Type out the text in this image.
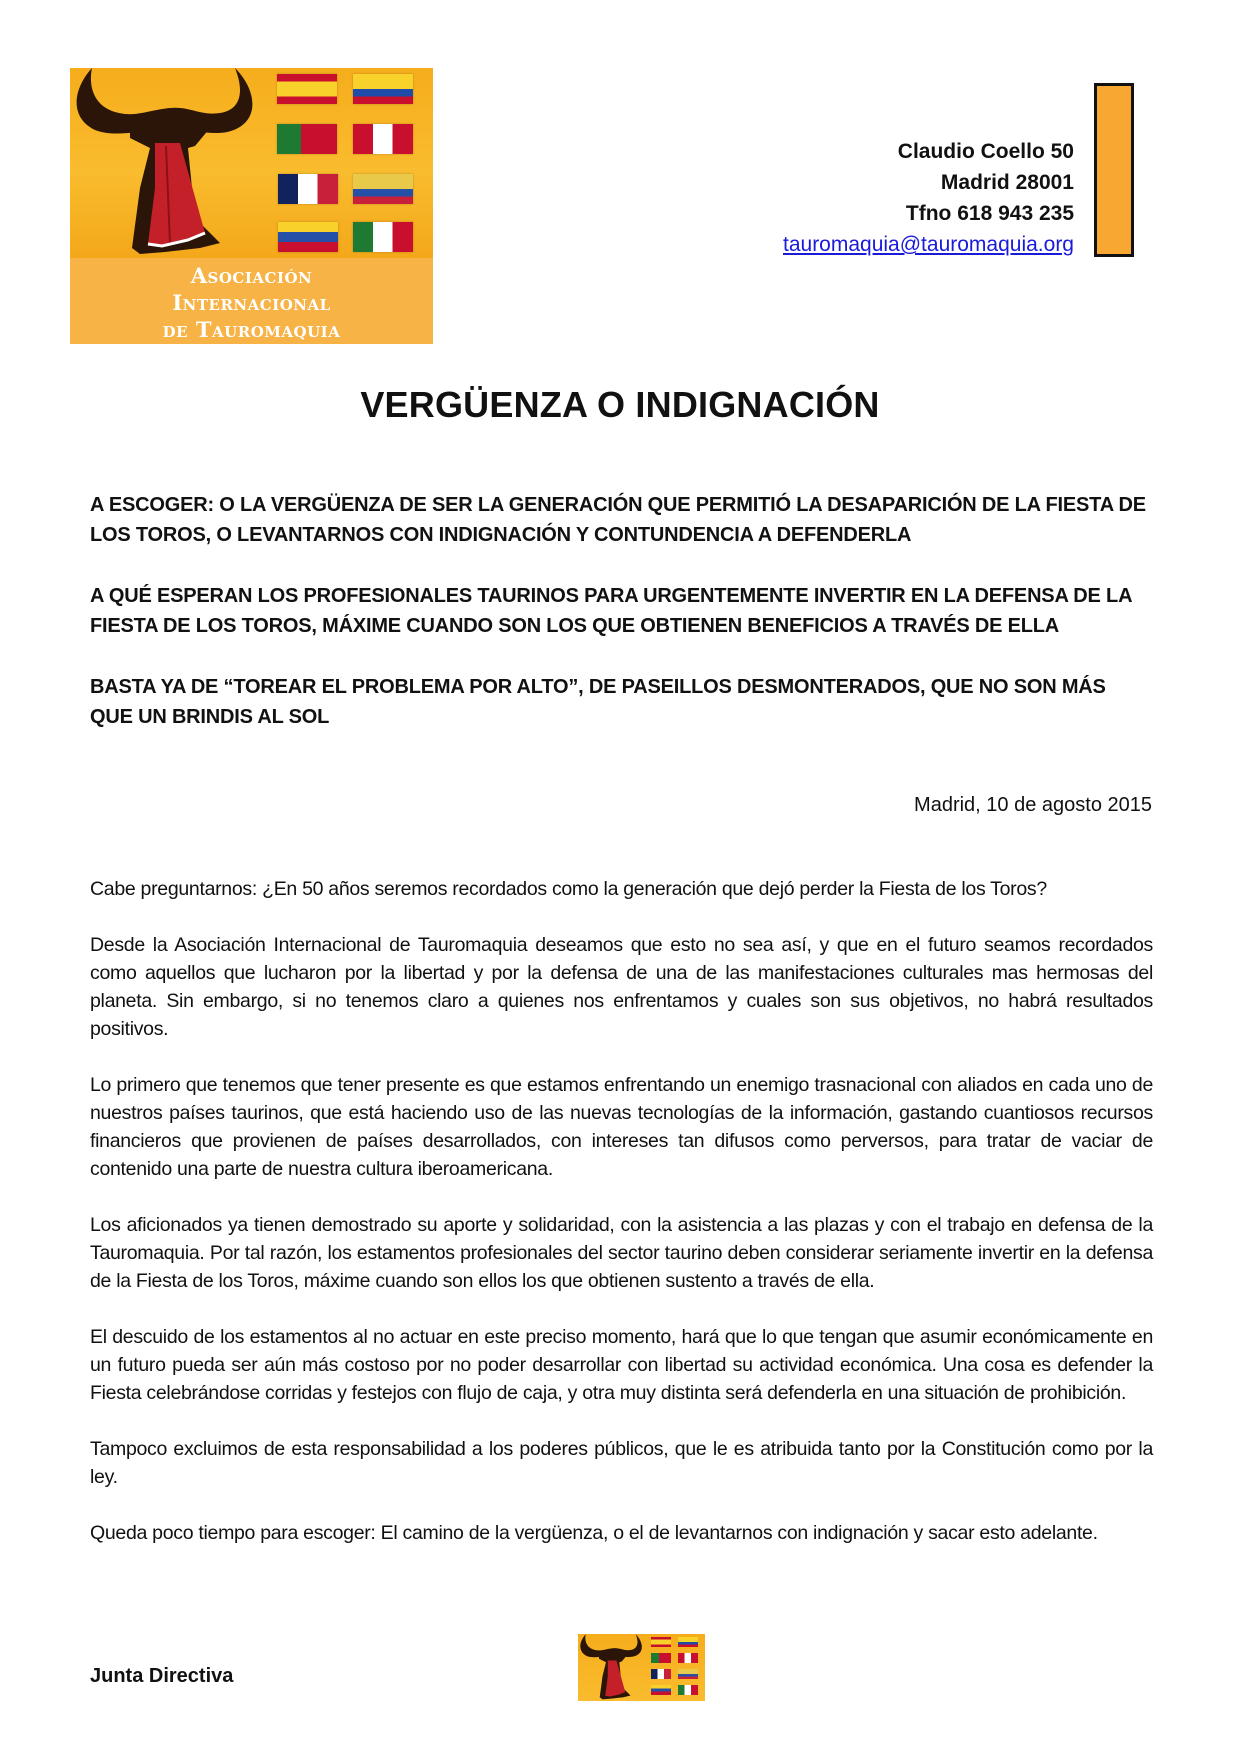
Asociación
Internacional
de Tauromaquia
Claudio Coello 50
Madrid 28001
Tfno 618 943 235
tauromaquia@tauromaquia.org
VERGÜENZA O INDIGNACIÓN

A ESCOGER: O LA VERGÜENZA DE SER LA GENERACIÓN QUE PERMITIÓ LA DESAPARICIÓN DE LA FIESTA DE LOS TOROS, O LEVANTARNOS CON INDIGNACIÓN Y CONTUNDENCIA A DEFENDERLA

A QUÉ ESPERAN LOS PROFESIONALES TAURINOS PARA URGENTEMENTE INVERTIR EN LA DEFENSA DE LA FIESTA DE LOS TOROS, MÁXIME CUANDO SON LOS QUE OBTIENEN BENEFICIOS A TRAVÉS DE ELLA

BASTA YA DE “TOREAR EL PROBLEMA POR ALTO”, DE PASEILLOS DESMONTERADOS, QUE NO SON MÁS QUE UN BRINDIS AL SOL

Madrid, 10 de agosto 2015

Cabe preguntarnos: ¿En 50 años seremos recordados como la generación que dejó perder la Fiesta de los Toros?

Desde la Asociación Internacional de Tauromaquia deseamos que esto no sea así, y que en el futuro seamos recordados como aquellos que lucharon por la libertad y por la defensa de una de las manifestaciones culturales mas hermosas del planeta. Sin embargo, si no tenemos claro a quienes nos enfrentamos y cuales son sus objetivos, no habrá resultados positivos.

Lo primero que tenemos que tener presente es que estamos enfrentando un enemigo trasnacional con aliados en cada uno de nuestros países taurinos, que está haciendo uso de las nuevas tecnologías de la información, gastando cuantiosos recursos financieros que provienen de países desarrollados, con intereses tan difusos como perversos, para tratar de vaciar de contenido una parte de nuestra cultura iberoamericana.

Los aficionados ya tienen demostrado su aporte y solidaridad, con la asistencia a las plazas y con el trabajo en defensa de la Tauromaquia. Por tal razón, los estamentos profesionales del sector taurino deben considerar seriamente invertir en la defensa de la Fiesta de los Toros, máxime cuando son ellos los que obtienen sustento a través de ella.

El descuido de los estamentos al no actuar en este preciso momento, hará que lo que tengan que asumir económicamente en un futuro pueda ser aún más costoso por no poder desarrollar con libertad su actividad económica. Una cosa es defender la Fiesta celebrándose corridas y festejos con flujo de caja, y otra muy distinta será defenderla en una situación de prohibición.

Tampoco excluimos de esta responsabilidad a los poderes públicos, que le es atribuida tanto por la Constitución como por la ley.

Queda poco tiempo para escoger: El camino de la vergüenza, o el de levantarnos con indignación y sacar esto adelante.

Junta Directiva
